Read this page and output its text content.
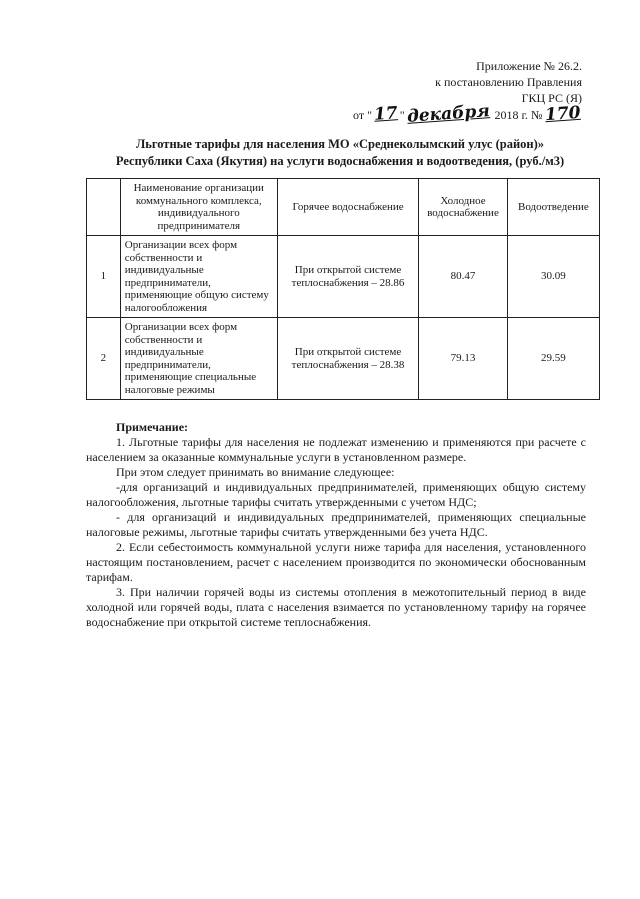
Приложение № 26.2.
к постановлению Правления
ГКЦ РС (Я)
от "17"декабря 2018 г. №170
Льготные тарифы для населения МО «Среднеколымский улус (район)»
Республики Саха (Якутия) на услуги водоснабжения и водоотведения, (руб./м3)
	Наименование организации коммунального комплекса, индивидуального предпринимателя	Горячее водоснабжение	Холодное водоснабжение	Водоотведение
1	Организации всех форм собственности и индивидуальные предприниматели, применяющие общую систему налогообложения	При открытой системе теплоснабжения – 28.86	80.47	30.09
2	Организации всех форм собственности и индивидуальные предприниматели, применяющие специальные налоговые режимы	При открытой системе теплоснабжения – 28.38	79.13	29.59
Примечание:

1. Льготные тарифы для населения не подлежат изменению и применяются при расчете с населением за оказанные коммунальные услуги в установленном размере.

При этом следует принимать во внимание следующее:

-для организаций и индивидуальных предпринимателей, применяющих общую систему налогообложения, льготные тарифы считать утвержденными с учетом НДС;

- для организаций и индивидуальных предпринимателей, применяющих специальные налоговые режимы, льготные тарифы считать утвержденными без учета НДС.

2. Если себестоимость коммунальной услуги ниже тарифа для населения, установленного настоящим постановлением, расчет с населением производится по экономически обоснованным тарифам.

3. При наличии горячей воды из системы отопления в межотопительный период в виде холодной или горячей воды, плата с населения взимается по установленному тарифу на горячее водоснабжение при открытой системе теплоснабжения.
